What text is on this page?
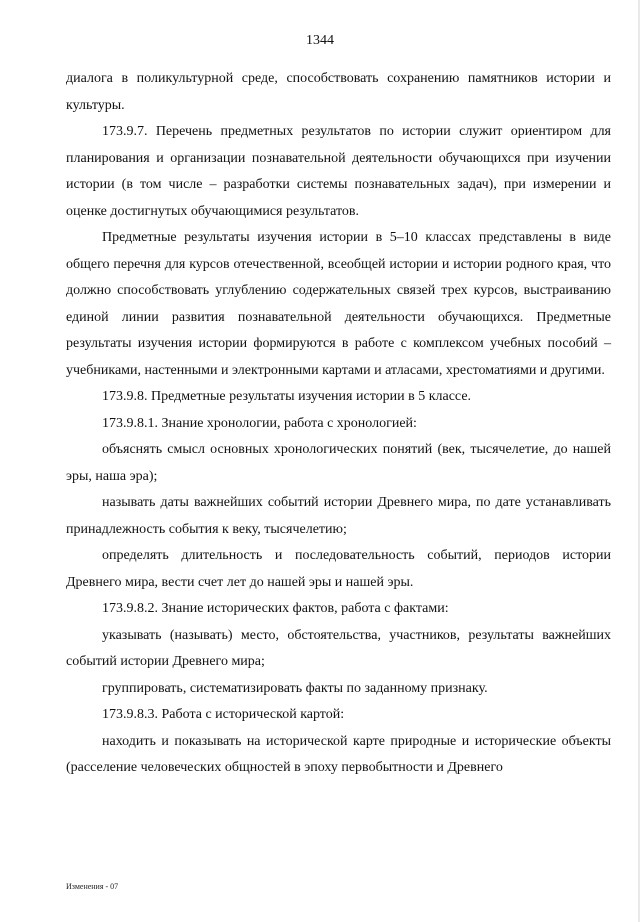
1344

диалога в поликультурной среде, способствовать сохранению памятников истории и культуры.

173.9.7. Перечень предметных результатов по истории служит ориентиром для планирования и организации познавательной деятельности обучающихся при изучении истории (в том числе – разработки системы познавательных задач), при измерении и оценке достигнутых обучающимися результатов.

Предметные результаты изучения истории в 5–10 классах представлены в виде общего перечня для курсов отечественной, всеобщей истории и истории родного края, что должно способствовать углублению содержательных связей трех курсов, выстраиванию единой линии развития познавательной деятельности обучающихся. Предметные результаты изучения истории формируются в работе с комплексом учебных пособий – учебниками, настенными и электронными картами и атласами, хрестоматиями и другими.

173.9.8. Предметные результаты изучения истории в 5 классе.

173.9.8.1. Знание хронологии, работа с хронологией:

объяснять смысл основных хронологических понятий (век, тысячелетие, до нашей эры, наша эра);

называть даты важнейших событий истории Древнего мира, по дате устанавливать принадлежность события к веку, тысячелетию;

определять длительность и последовательность событий, периодов истории Древнего мира, вести счет лет до нашей эры и нашей эры.

173.9.8.2. Знание исторических фактов, работа с фактами:

указывать (называть) место, обстоятельства, участников, результаты важнейших событий истории Древнего мира;

группировать, систематизировать факты по заданному признаку.

173.9.8.3. Работа с исторической картой:

находить и показывать на исторической карте природные и исторические объекты (расселение человеческих общностей в эпоху первобытности и Древнего

Изменения - 07
